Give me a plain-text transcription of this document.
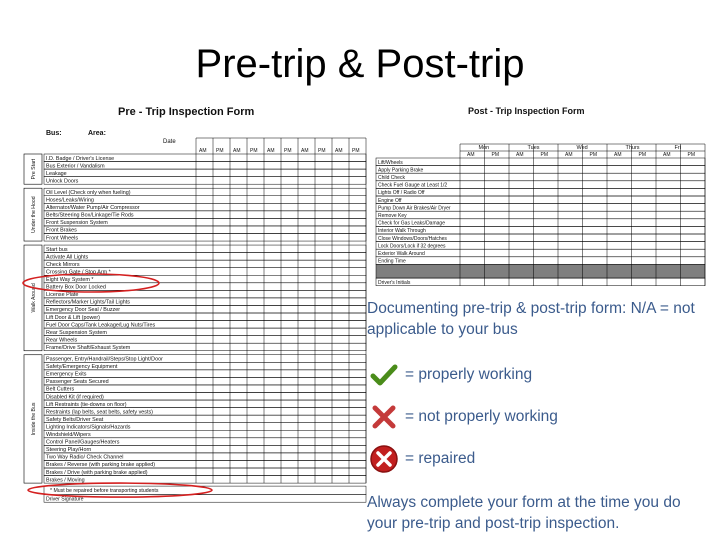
Pre-trip & Post-trip
Pre - Trip Inspection Form
Bus:	Area:
Date
AM PM AM PM AM PM AM PM AM PM
I.D. Badge / Driver's License
Bus Exterior / Vandalism
Leakage
Unlock Doors
Pre Start
Oil Level (Check only when fueling)
Hoses/Leaks/Wiring
Alternator/Water Pump/Air Compressor
Belts/Steering Box/Linkage/Tie Rods
Front Suspension System
Front Brakes
Front Wheels
Under the Hood
Start bus
Activate All Lights
Check Mirrors
Crossing Gate / Stop Arm *
Eight Way System *
Battery Box Door Locked
License Plate
Reflectors/Marker Lights/Tail Lights
Emergency Door Seal / Buzzer
Lift Door & Lift (power)
Fuel Door Caps/Tank Leakage/Lug Nuts/Tires
Rear Suspension System
Rear Wheels
Frame/Drive Shaft/Exhaust System
Walk Around
Passenger, Entry/Handrail/Steps/Stop Light/Door
Safety/Emergency Equipment
Emergency Exits
Passenger Seats Secured
Belt Cutters
Disabled Kit (if required)
Lift Restraints (tie-downs on floor)
Restraints (lap belts, seat belts, safety vests)
Safety Belts/Driver Seat
Lighting Indicators/Signals/Hazards
Windshield/Wipers
Control Panel/Gauges/Heaters
Steering Play/Horn
Two Way Radio/ Check Channel
Brakes / Reverse (with parking brake applied)
Brakes / Drive (with parking brake applied)
Brakes / Moving
Inside the Bus
* Must be repaired before transporting students
Driver Signature
Post - Trip Inspection Form
Mon	Tues	Wed	Thurs	Fri
AM	PM	AM	PM	AM	PM	AM	PM	AM	PM
Lift/Wheels
Apply Parking Brake
Child Check
Check Fuel Gauge at Least 1/2
Lights Off / Radio Off
Engine Off
Pump Down Air Brakes/Air Dryer
Remove Key
Check for Gas Leaks/Damage
Interior Walk Through
Close Windows/Doors/Hatches
Lock Doors/Lock if 32 degrees
Exterior Walk Around
Ending Time
Driver's Initials
Documenting pre-trip & post-trip form: N/A = not applicable to your bus
= properly working
= not properly working
= repaired
Always complete your form at the time you do your pre-trip and post-trip inspection.
